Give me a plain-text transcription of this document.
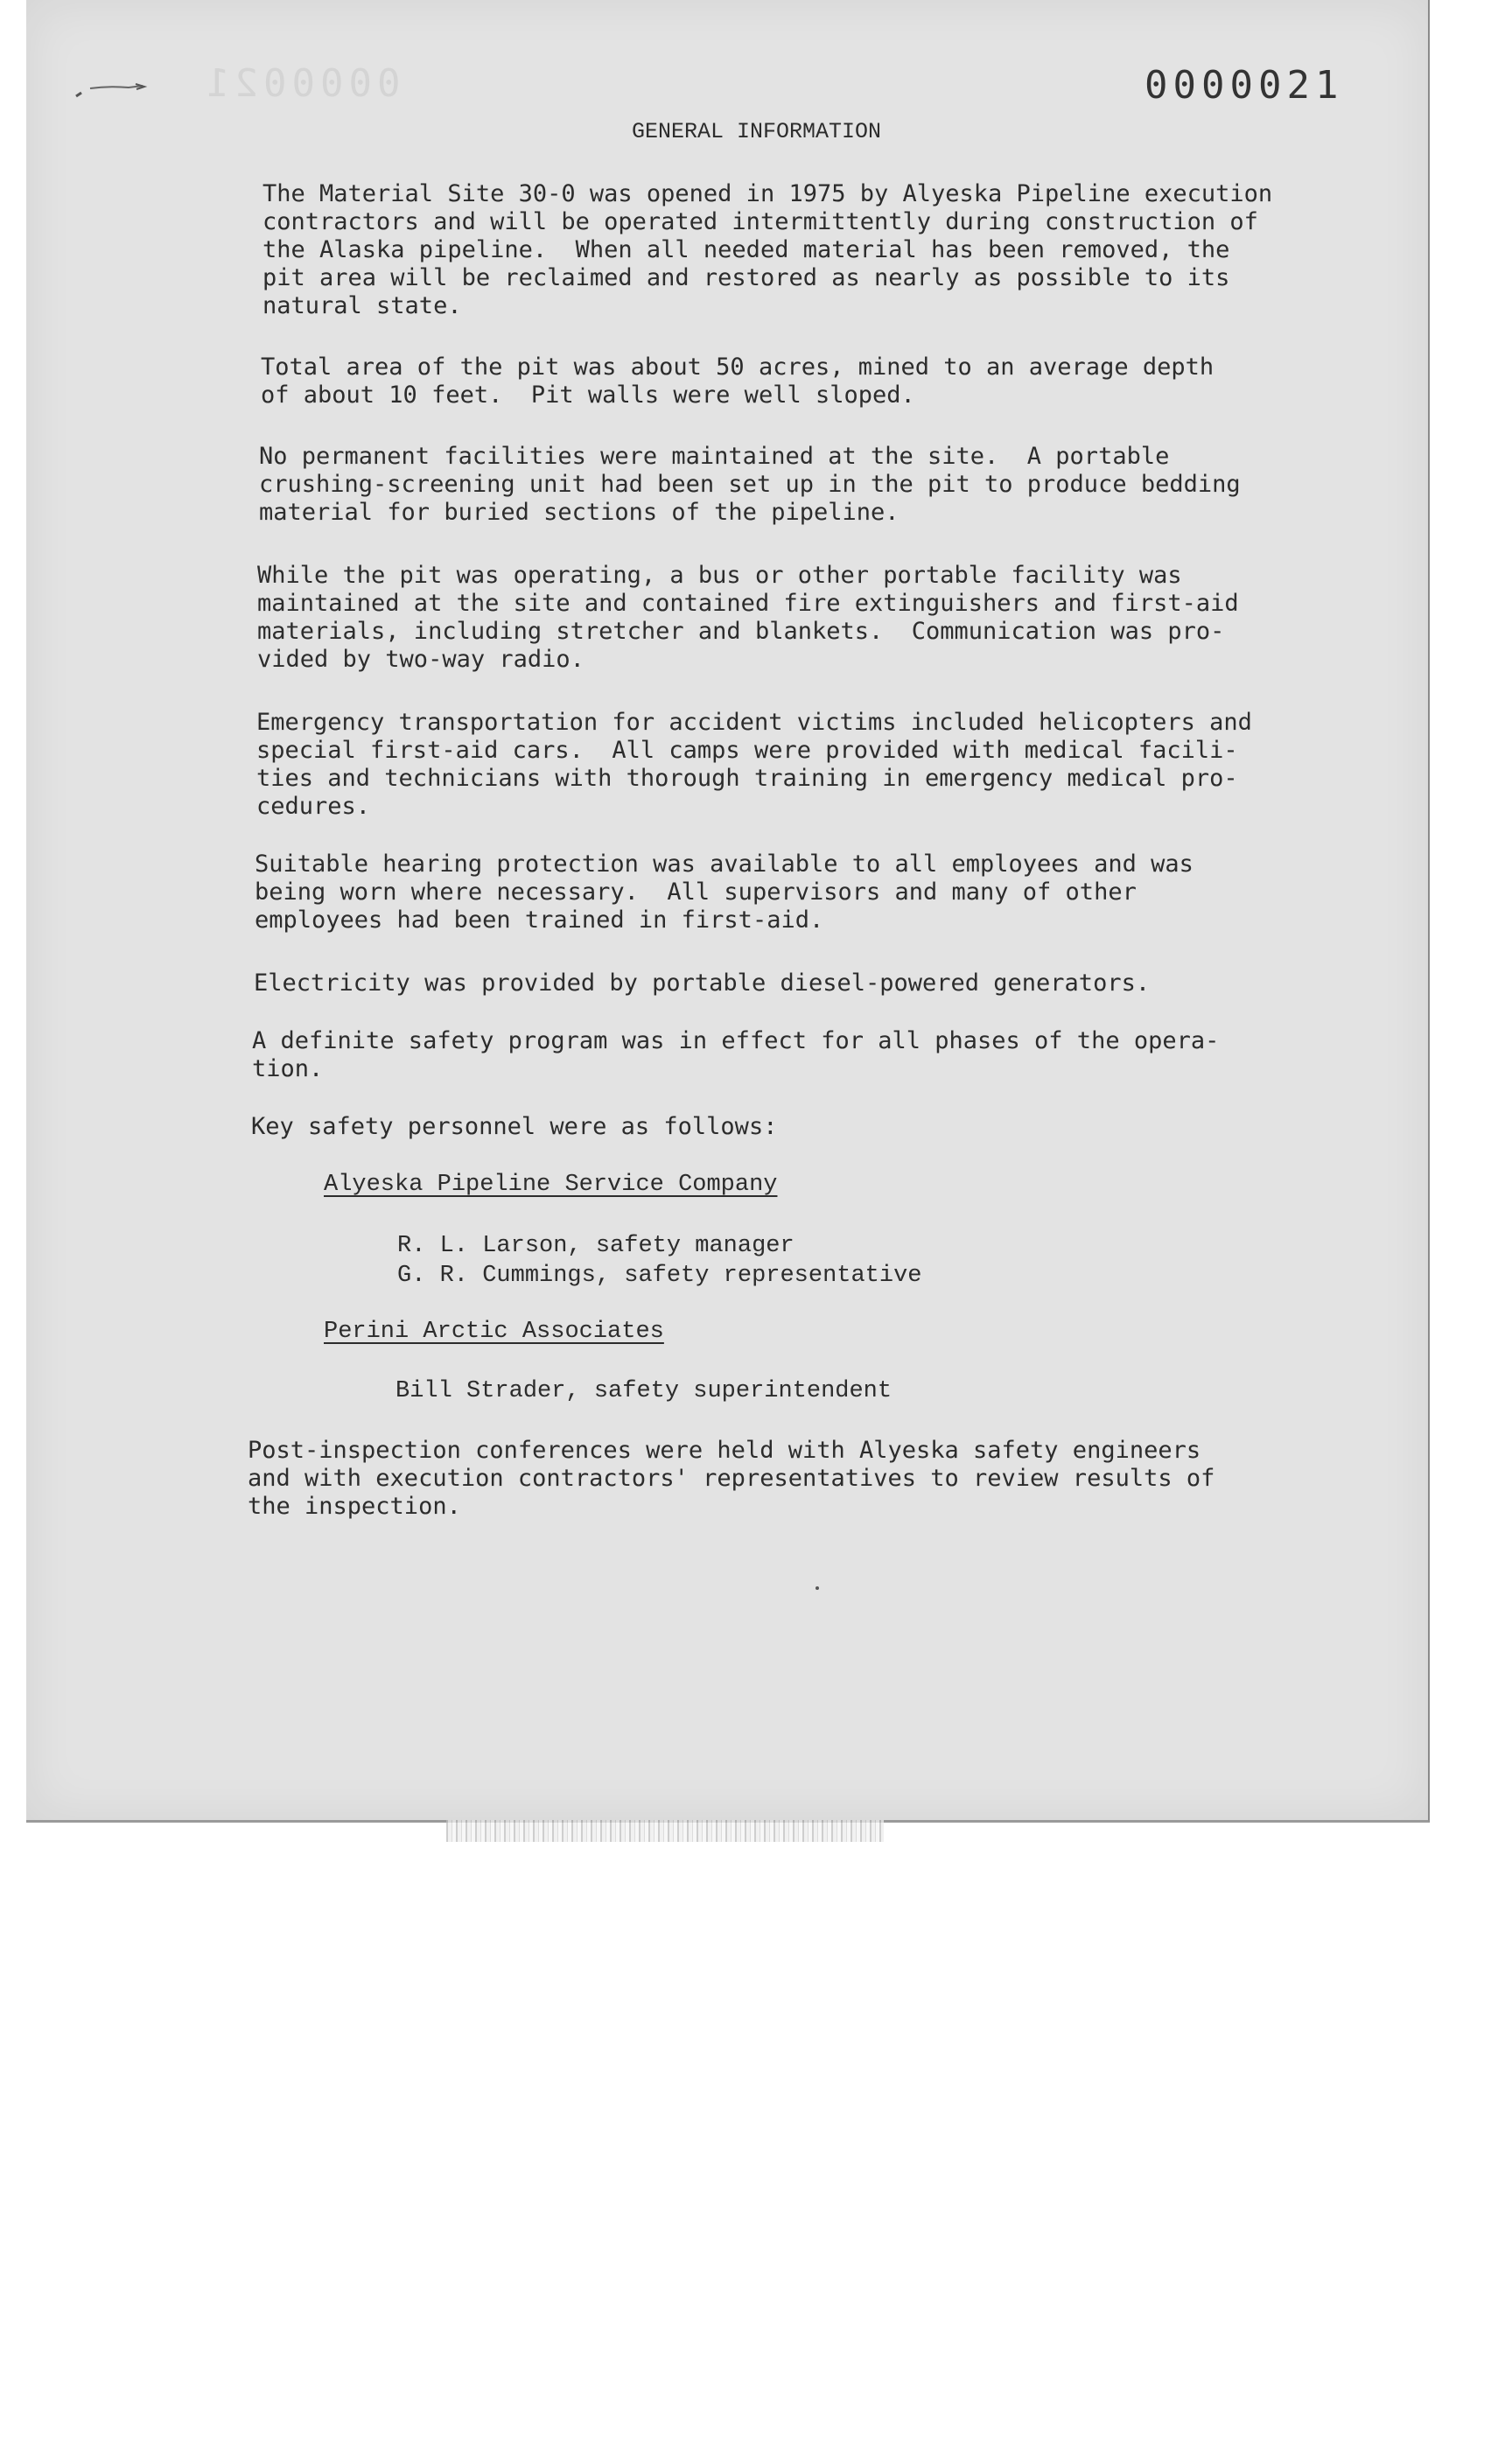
0000021	0000021
GENERAL INFORMATION
The Material Site 30-0 was opened in 1975 by Alyeska Pipeline execution
contractors and will be operated intermittently during construction of
the Alaska pipeline.  When all needed material has been removed, the
pit area will be reclaimed and restored as nearly as possible to its
natural state.
Total area of the pit was about 50 acres, mined to an average depth
of about 10 feet.  Pit walls were well sloped.
No permanent facilities were maintained at the site.  A portable
crushing-screening unit had been set up in the pit to produce bedding
material for buried sections of the pipeline.
While the pit was operating, a bus or other portable facility was
maintained at the site and contained fire extinguishers and first-aid
materials, including stretcher and blankets.  Communication was pro-
vided by two-way radio.
Emergency transportation for accident victims included helicopters and
special first-aid cars.  All camps were provided with medical facili-
ties and technicians with thorough training in emergency medical pro-
cedures.
Suitable hearing protection was available to all employees and was
being worn where necessary.  All supervisors and many of other
employees had been trained in first-aid.
Electricity was provided by portable diesel-powered generators.
A definite safety program was in effect for all phases of the opera-
tion.
Key safety personnel were as follows:
Alyeska Pipeline Service Company
R. L. Larson, safety manager
G. R. Cummings, safety representative
Perini Arctic Associates
Bill Strader, safety superintendent
Post-inspection conferences were held with Alyeska safety engineers
and with execution contractors' representatives to review results of
the inspection.
